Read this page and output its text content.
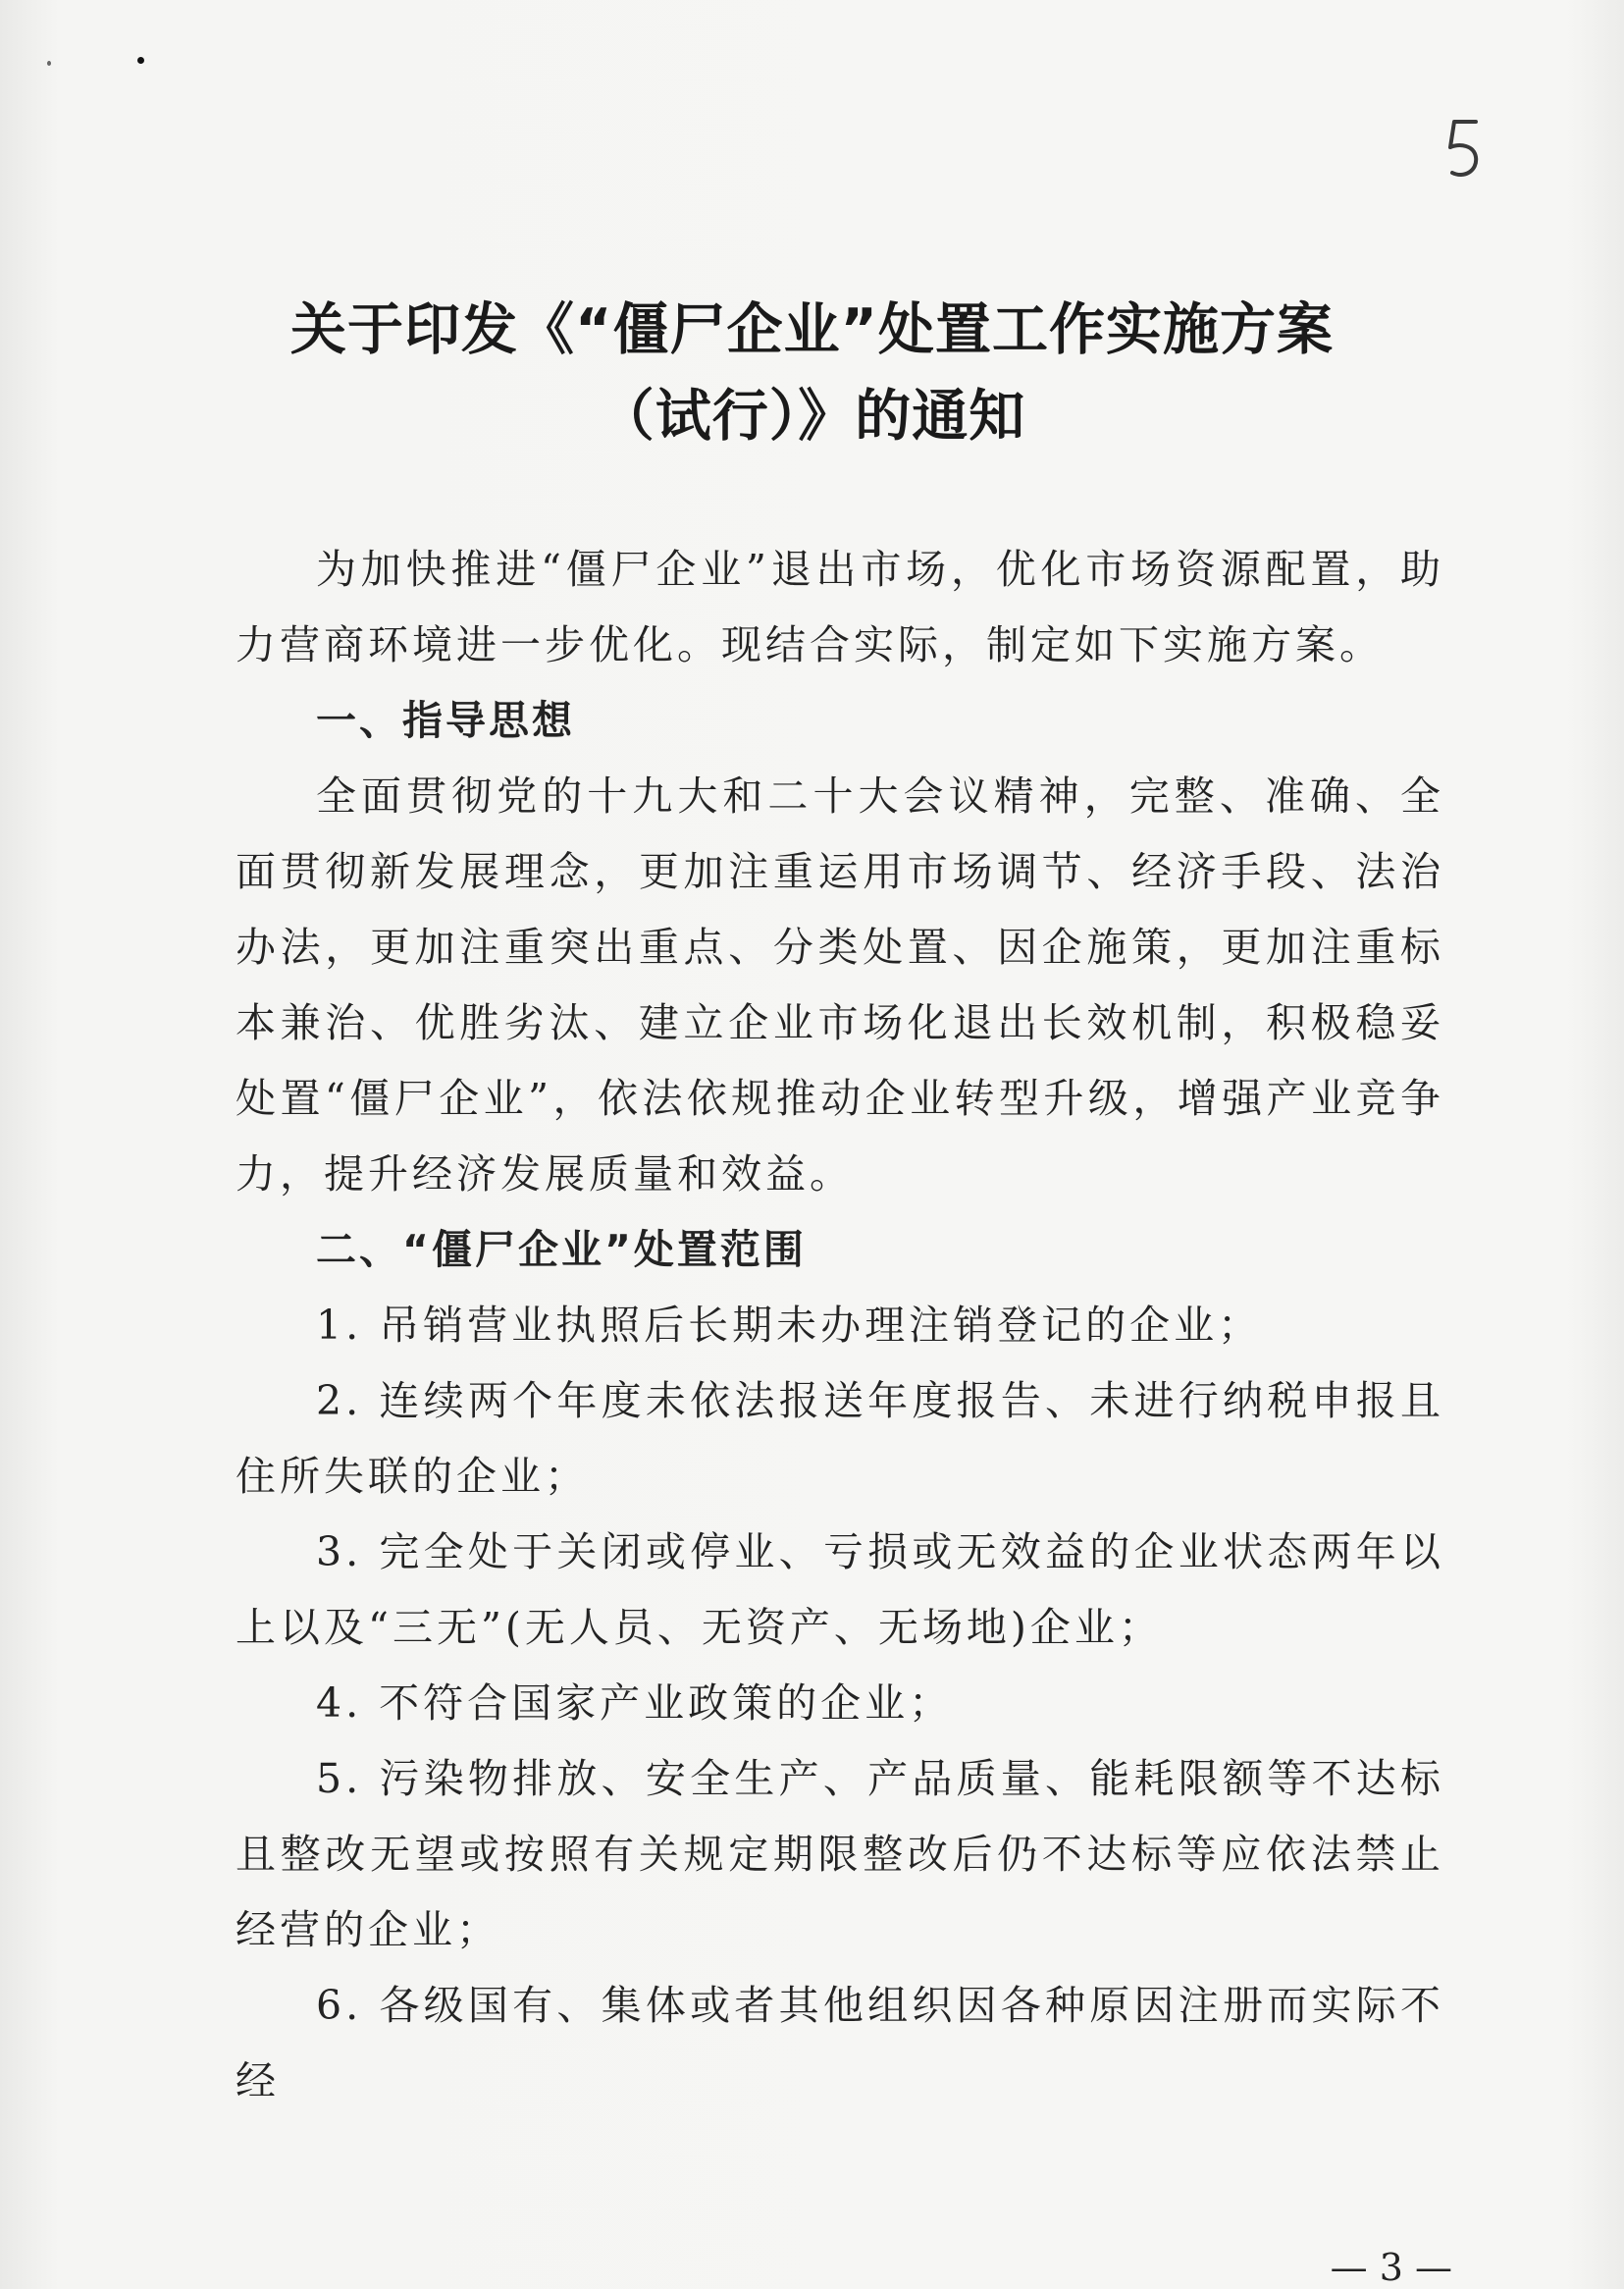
关于印发《“僵尸企业”处置工作实施方案
（试行）》的通知

为加快推进“僵尸企业”退出市场，优化市场资源配置，助力营商环境进一步优化。现结合实际，制定如下实施方案。

一、指导思想

全面贯彻党的十九大和二十大会议精神，完整、准确、全面贯彻新发展理念，更加注重运用市场调节、经济手段、法治办法，更加注重突出重点、分类处置、因企施策，更加注重标本兼治、优胜劣汰、建立企业市场化退出长效机制，积极稳妥处置“僵尸企业”，依法依规推动企业转型升级，增强产业竞争力，提升经济发展质量和效益。

二、“僵尸企业”处置范围

1. 吊销营业执照后长期未办理注销登记的企业；

2. 连续两个年度未依法报送年度报告、未进行纳税申报且住所失联的企业；

3. 完全处于关闭或停业、亏损或无效益的企业状态两年以上以及“三无”(无人员、无资产、无场地)企业；

4. 不符合国家产业政策的企业；

5. 污染物排放、安全生产、产品质量、能耗限额等不达标且整改无望或按照有关规定期限整改后仍不达标等应依法禁止经营的企业；

6. 各级国有、集体或者其他组织因各种原因注册而实际不经

— 3 —
